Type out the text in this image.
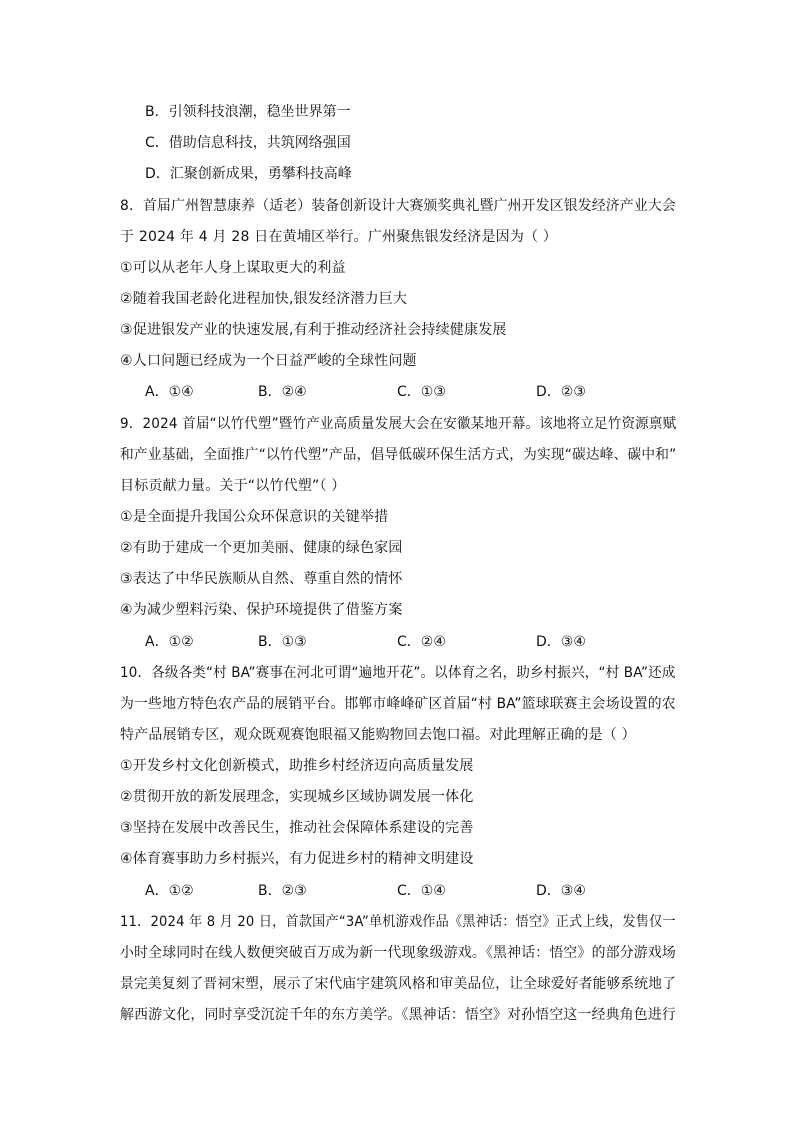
B．引领科技浪潮，稳坐世界第一
C．借助信息科技，共筑网络强国
D．汇聚创新成果，勇攀科技高峰
8．首届广州智慧康养（适老）装备创新设计大赛颁奖典礼暨广州开发区银发经济产业大会
于 2024 年 4 月 28 日在黄埔区举行。广州聚焦银发经济是因为（ ）
①可以从老年人身上谋取更大的利益
②随着我国老龄化进程加快,银发经济潜力巨大
③促进银发产业的快速发展,有利于推动经济社会持续健康发展
④人口问题已经成为一个日益严峻的全球性问题
A．①④	B．②④	C．①③	D．②③
9．2024 首届“以竹代塑”暨竹产业高质量发展大会在安徽某地开幕。该地将立足竹资源禀赋
和产业基础，全面推广“以竹代塑”产品，倡导低碳环保生活方式，为实现“碳达峰、碳中和”
目标贡献力量。关于“以竹代塑”（ ）
①是全面提升我国公众环保意识的关键举措
②有助于建成一个更加美丽、健康的绿色家园
③表达了中华民族顺从自然、尊重自然的情怀
④为减少塑料污染、保护环境提供了借鉴方案
A．①②	B．①③	C．②④	D．③④
10．各级各类“村 BA”赛事在河北可谓“遍地开花”。以体育之名，助乡村振兴，“村 BA”还成
为一些地方特色农产品的展销平台。邯郸市峰峰矿区首届“村 BA”篮球联赛主会场设置的农
特产品展销专区，观众既观赛饱眼福又能购物回去饱口福。对此理解正确的是（ ）
①开发乡村文化创新模式，助推乡村经济迈向高质量发展
②贯彻开放的新发展理念，实现城乡区域协调发展一体化
③坚持在发展中改善民生，推动社会保障体系建设的完善
④体育赛事助力乡村振兴，有力促进乡村的精神文明建设
A．①②	B．②③	C．①④	D．③④
11．2024 年 8 月 20 日，首款国产“3A”单机游戏作品《黑神话：悟空》正式上线，发售仅一
小时全球同时在线人数便突破百万成为新一代现象级游戏。《黑神话：悟空》的部分游戏场
景完美复刻了晋祠宋塑，展示了宋代庙宇建筑风格和审美品位，让全球爱好者能够系统地了
解西游文化，同时享受沉淀千年的东方美学。《黑神话：悟空》对孙悟空这一经典角色进行
